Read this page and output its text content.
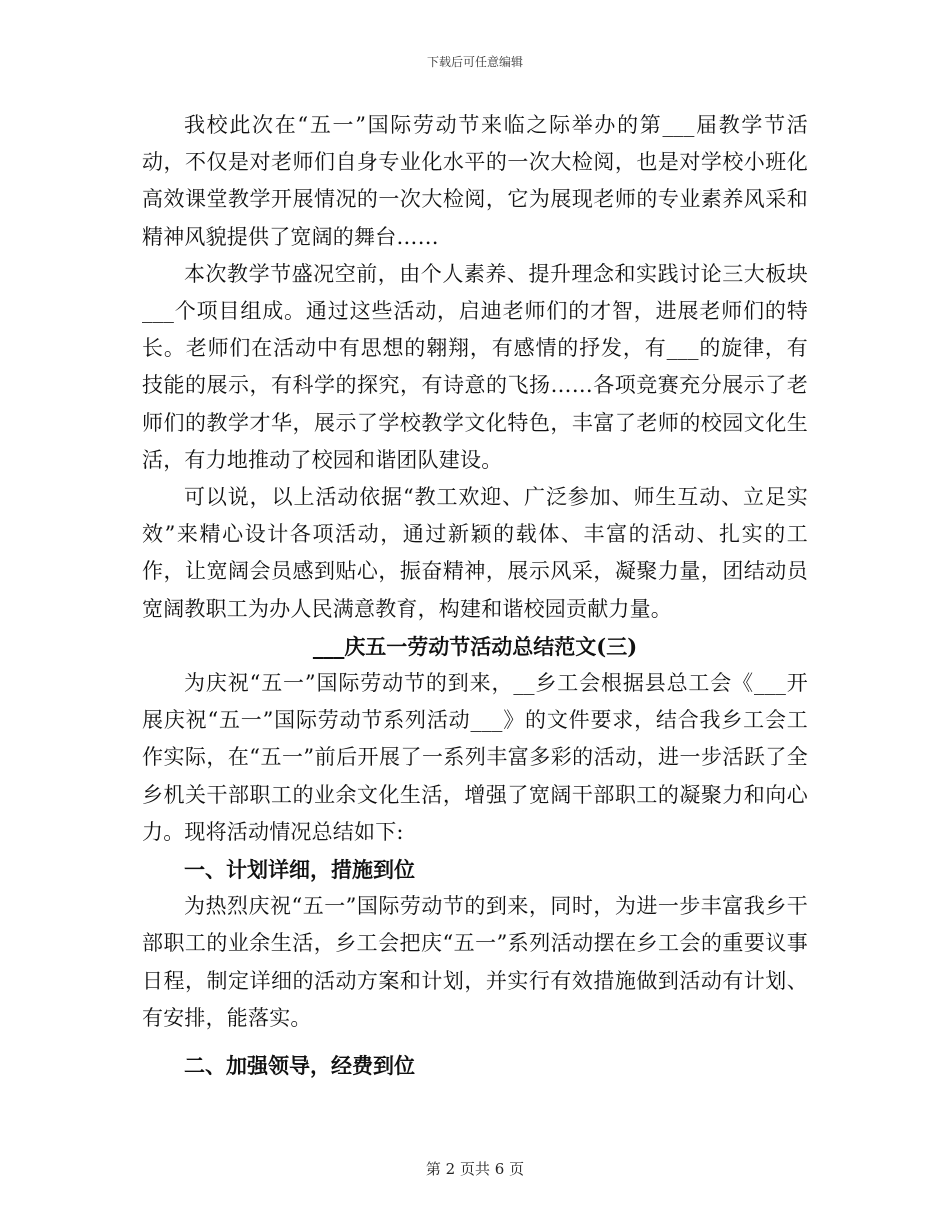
下载后可任意编辑

我校此次在“五一”国际劳动节来临之际举办的第___届教学节活动，不仅是对老师们自身专业化水平的一次大检阅，也是对学校小班化高效课堂教学开展情况的一次大检阅，它为展现老师的专业素养风采和精神风貌提供了宽阔的舞台……

本次教学节盛况空前，由个人素养、提升理念和实践讨论三大板块___个项目组成。通过这些活动，启迪老师们的才智，进展老师们的特长。老师们在活动中有思想的翱翔，有感情的抒发，有___的旋律，有技能的展示，有科学的探究，有诗意的飞扬……各项竞赛充分展示了老师们的教学才华，展示了学校教学文化特色，丰富了老师的校园文化生活，有力地推动了校园和谐团队建设。

可以说，以上活动依据“教工欢迎、广泛参加、师生互动、立足实效”来精心设计各项活动，通过新颖的载体、丰富的活动、扎实的工作，让宽阔会员感到贴心，振奋精神，展示风采，凝聚力量，团结动员宽阔教职工为办人民满意教育，构建和谐校园贡献力量。

___庆五一劳动节活动总结范文(三)

为庆祝“五一”国际劳动节的到来，__乡工会根据县总工会《___开展庆祝“五一”国际劳动节系列活动___》的文件要求，结合我乡工会工作实际，在“五一”前后开展了一系列丰富多彩的活动，进一步活跃了全乡机关干部职工的业余文化生活，增强了宽阔干部职工的凝聚力和向心力。现将活动情况总结如下:

一、计划详细，措施到位

为热烈庆祝“五一”国际劳动节的到来，同时，为进一步丰富我乡干部职工的业余生活，乡工会把庆“五一”系列活动摆在乡工会的重要议事日程，制定详细的活动方案和计划，并实行有效措施做到活动有计划、有安排，能落实。

二、加强领导，经费到位

第 2 页共 6 页
